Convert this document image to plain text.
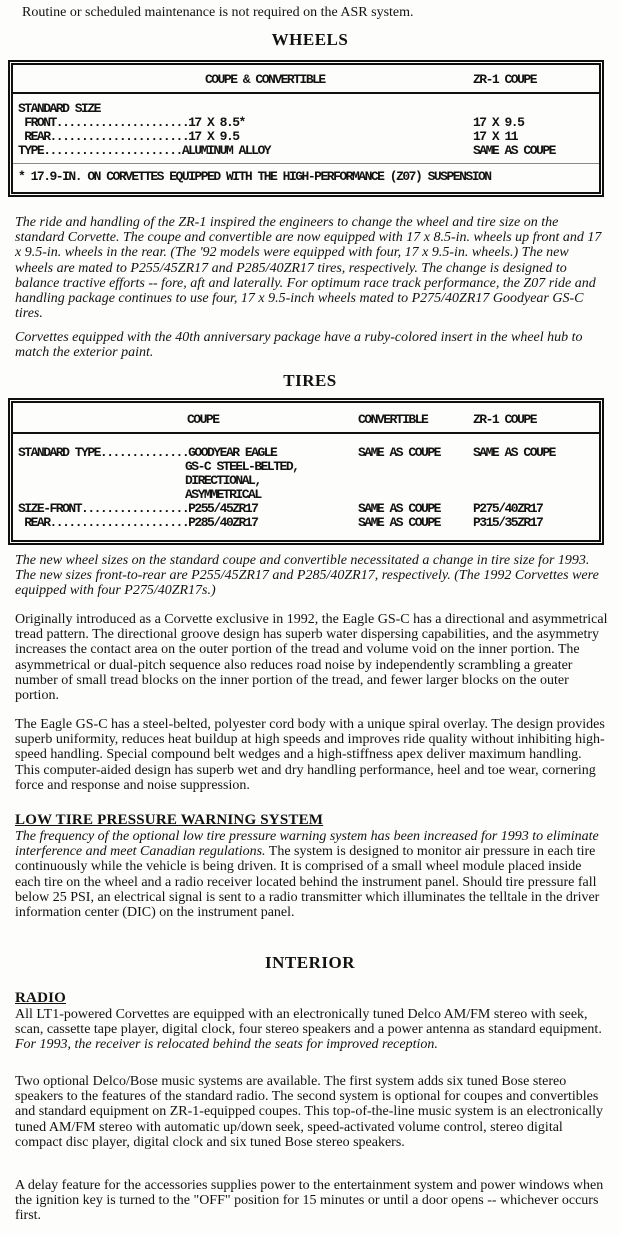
Routine or scheduled maintenance is not required on the ASR system.

WHEELS
COUPE & CONVERTIBLE	ZR-1 COUPE
STANDARD SIZE
FRONT.....................17 X 8.5*	17 X 9.5
REAR......................17 X 9.5	17 X 11
TYPE......................ALUMINUM ALLOY	SAME AS COUPE
* 17.9-IN. ON CORVETTES EQUIPPED WITH THE HIGH-PERFORMANCE (Z07) SUSPENSION

The ride and handling of the ZR-1 inspired the engineers to change the wheel and tire size on the standard Corvette. The coupe and convertible are now equipped with 17 x 8.5-in. wheels up front and 17 x 9.5-in. wheels in the rear. (The '92 models were equipped with four, 17 x 9.5-in. wheels.) The new wheels are mated to P255/45ZR17 and P285/40ZR17 tires, respectively. The change is designed to balance tractive efforts -- fore, aft and laterally. For optimum race track performance, the Z07 ride and handling package continues to use four, 17 x 9.5-inch wheels mated to P275/40ZR17 Goodyear GS-C tires.

Corvettes equipped with the 40th anniversary package have a ruby-colored insert in the wheel hub to match the exterior paint.

TIRES
COUPE	CONVERTIBLE	ZR-1 COUPE
STANDARD TYPE..............GOODYEAR EAGLE	SAME AS COUPE	SAME AS COUPE
GS-C STEEL-BELTED,
DIRECTIONAL,
ASYMMETRICAL
SIZE-FRONT.................P255/45ZR17	SAME AS COUPE	P275/40ZR17
REAR......................P285/40ZR17	SAME AS COUPE	P315/35ZR17

The new wheel sizes on the standard coupe and convertible necessitated a change in tire size for 1993. The new sizes front-to-rear are P255/45ZR17 and P285/40ZR17, respectively. (The 1992 Corvettes were equipped with four P275/40ZR17s.)

Originally introduced as a Corvette exclusive in 1992, the Eagle GS-C has a directional and asymmetrical tread pattern. The directional groove design has superb water dispersing capabilities, and the asymmetry increases the contact area on the outer portion of the tread and volume void on the inner portion. The asymmetrical or dual-pitch sequence also reduces road noise by independently scrambling a greater number of small tread blocks on the inner portion of the tread, and fewer larger blocks on the outer portion.

The Eagle GS-C has a steel-belted, polyester cord body with a unique spiral overlay. The design provides superb uniformity, reduces heat buildup at high speeds and improves ride quality without inhibiting high-speed handling. Special compound belt wedges and a high-stiffness apex deliver maximum handling. This computer-aided design has superb wet and dry handling performance, heel and toe wear, cornering force and response and noise suppression.

LOW TIRE PRESSURE WARNING SYSTEM

The frequency of the optional low tire pressure warning system has been increased for 1993 to eliminate interference and meet Canadian regulations. The system is designed to monitor air pressure in each tire continuously while the vehicle is being driven. It is comprised of a small wheel module placed inside each tire on the wheel and a radio receiver located behind the instrument panel. Should tire pressure fall below 25 PSI, an electrical signal is sent to a radio transmitter which illuminates the telltale in the driver information center (DIC) on the instrument panel.

INTERIOR
RADIO

All LT1-powered Corvettes are equipped with an electronically tuned Delco AM/FM stereo with seek, scan, cassette tape player, digital clock, four stereo speakers and a power antenna as standard equipment. For 1993, the receiver is relocated behind the seats for improved reception.

Two optional Delco/Bose music systems are available. The first system adds six tuned Bose stereo speakers to the features of the standard radio. The second system is optional for coupes and convertibles and standard equipment on ZR-1-equipped coupes. This top-of-the-line music system is an electronically tuned AM/FM stereo with automatic up/down seek, speed-activated volume control, stereo digital compact disc player, digital clock and six tuned Bose stereo speakers.

A delay feature for the accessories supplies power to the entertainment system and power windows when the ignition key is turned to the "OFF" position for 15 minutes or until a door opens -- whichever occurs first.
